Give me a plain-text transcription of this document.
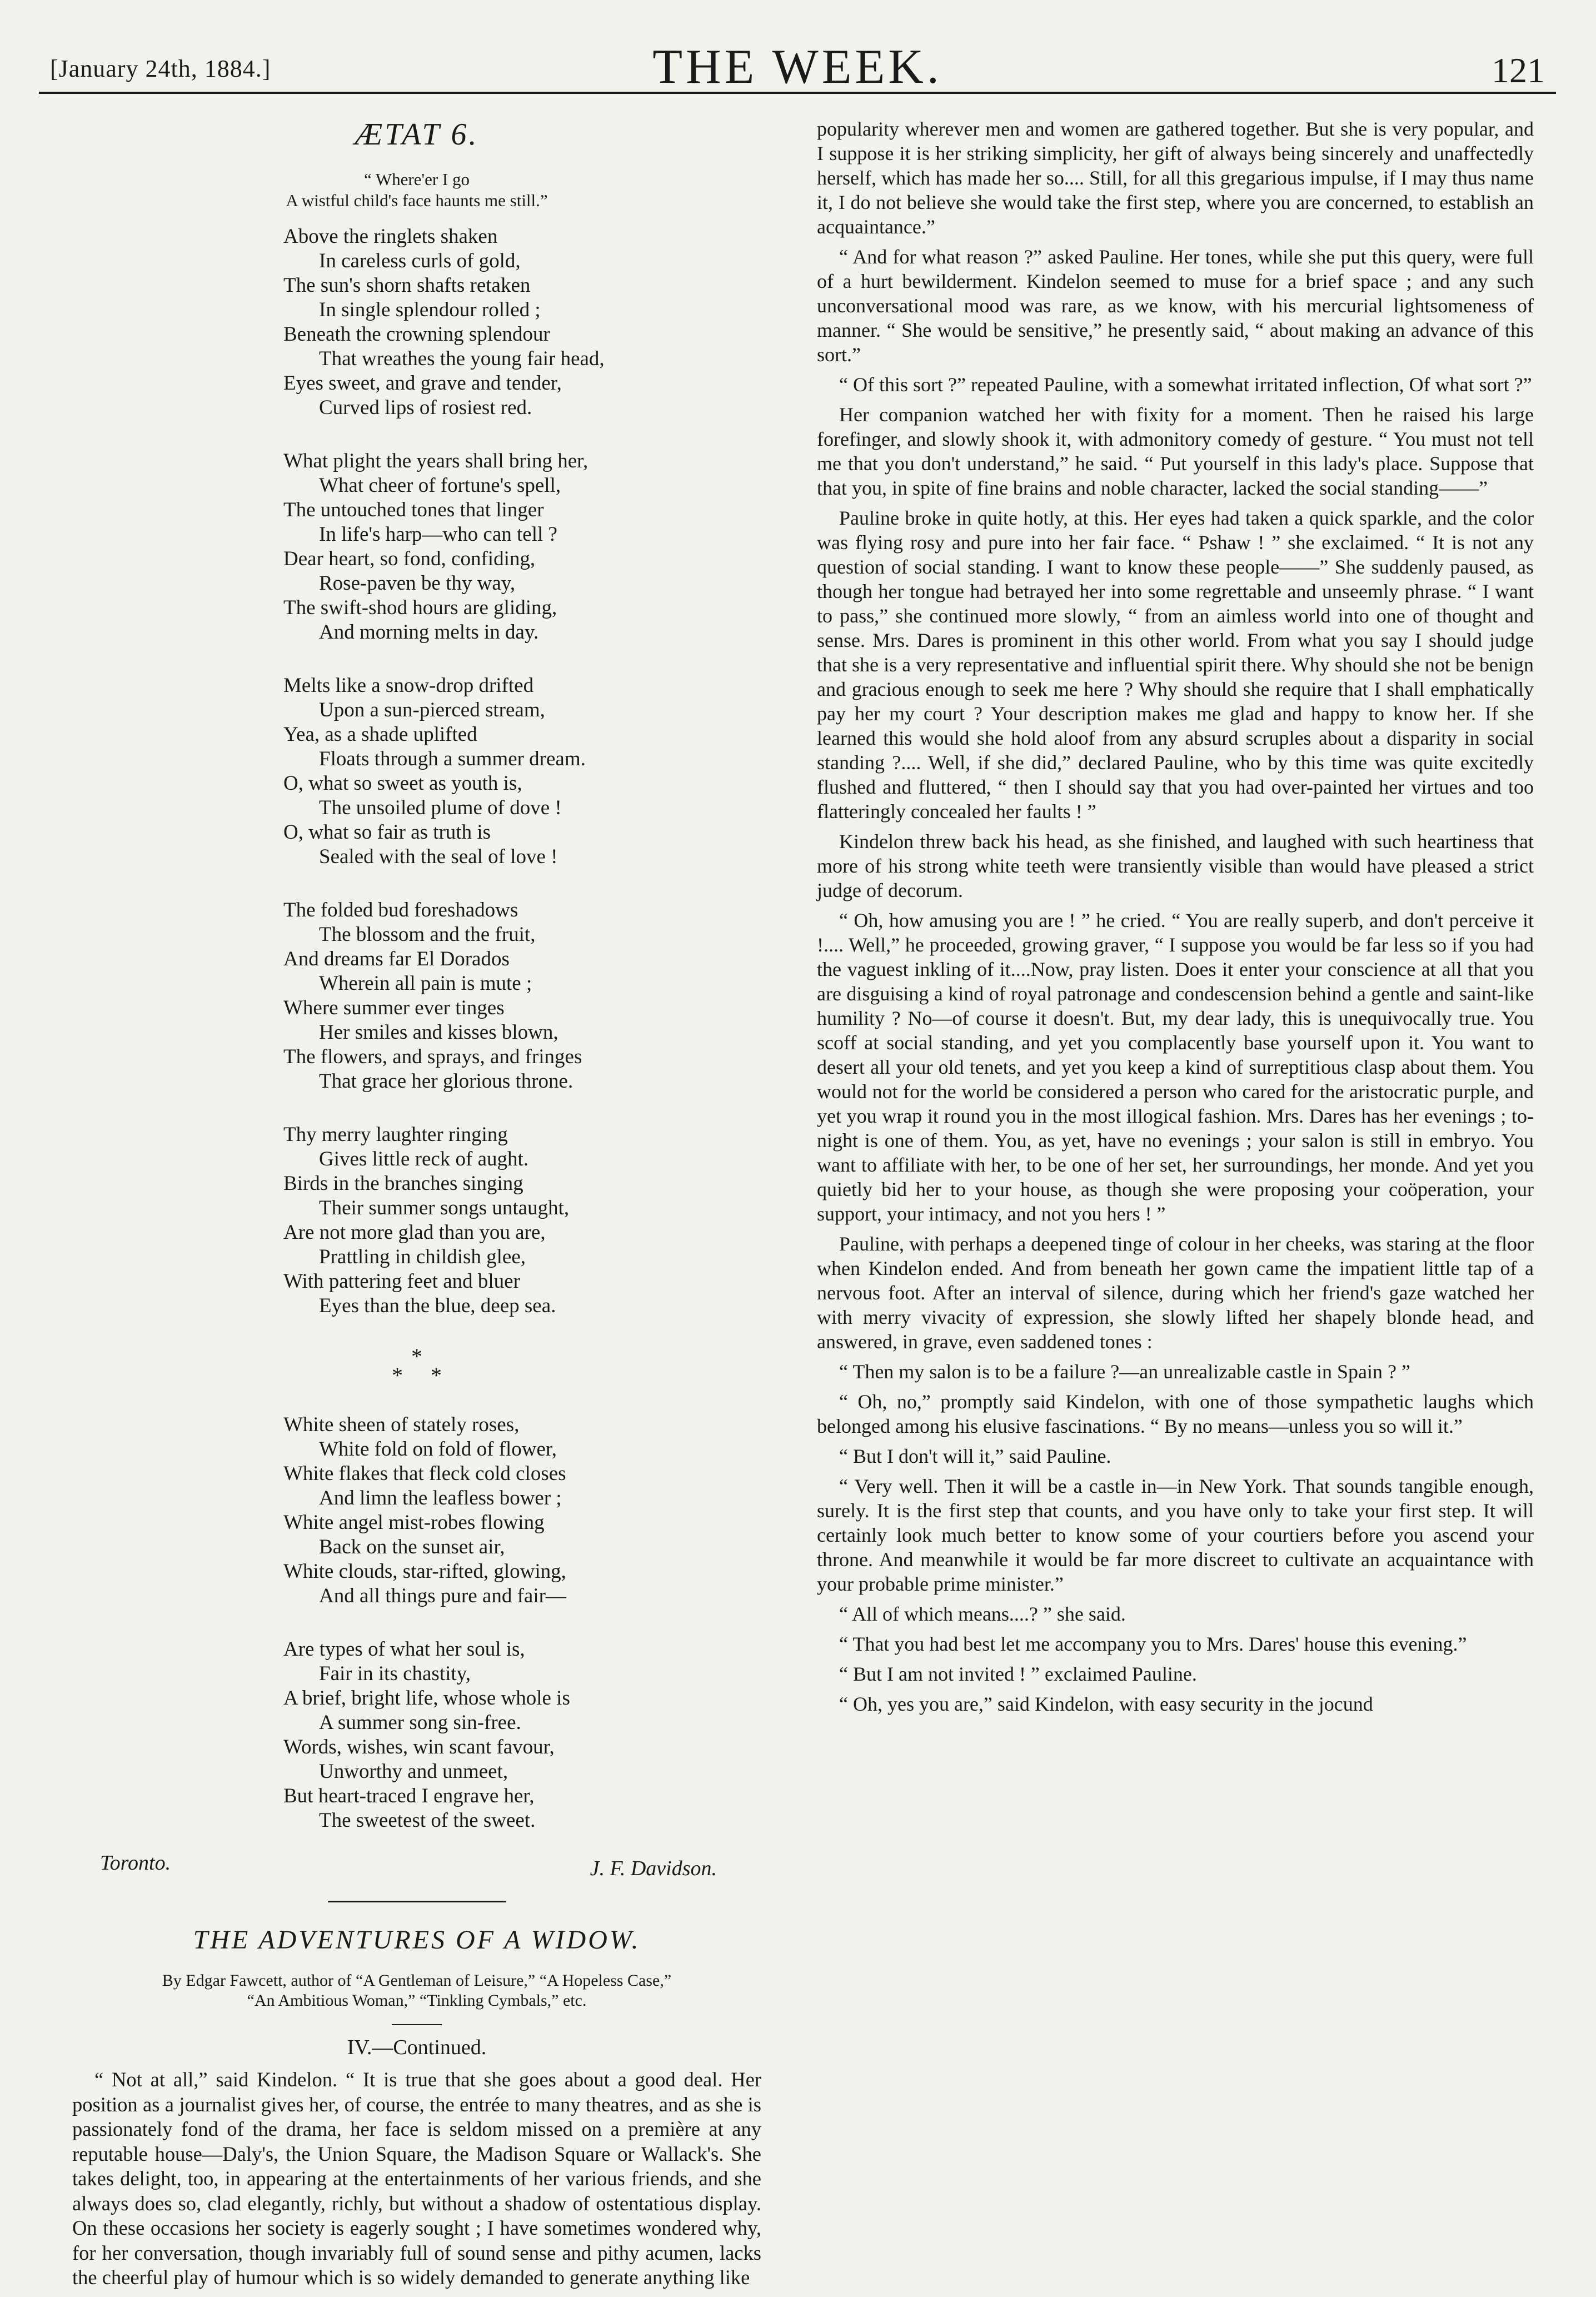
[January 24th, 1884.]	THE WEEK.	121
ÆTAT 6.
“ Where'er I go
A wistful child's face haunts me still.”
Above the ringlets shaken
In careless curls of gold,
The sun's shorn shafts retaken
In single splendour rolled ;
Beneath the crowning splendour
That wreathes the young fair head,
Eyes sweet, and grave and tender,
Curved lips of rosiest red.
What plight the years shall bring her,
What cheer of fortune's spell,
The untouched tones that linger
In life's harp—who can tell ?
Dear heart, so fond, confiding,
Rose-paven be thy way,
The swift-shod hours are gliding,
And morning melts in day.
Melts like a snow-drop drifted
Upon a sun-pierced stream,
Yea, as a shade uplifted
Floats through a summer dream.
O, what so sweet as youth is,
The unsoiled plume of dove !
O, what so fair as truth is
Sealed with the seal of love !
The folded bud foreshadows
The blossom and the fruit,
And dreams far El Dorados
Wherein all pain is mute ;
Where summer ever tinges
Her smiles and kisses blown,
The flowers, and sprays, and fringes
That grace her glorious throne.
Thy merry laughter ringing
Gives little reck of aught.
Birds in the branches singing
Their summer songs untaught,
Are not more glad than you are,
Prattling in childish glee,
With pattering feet and bluer
Eyes than the blue, deep sea.
*
* *
White sheen of stately roses,
White fold on fold of flower,
White flakes that fleck cold closes
And limn the leafless bower ;
White angel mist-robes flowing
Back on the sunset air,
White clouds, star-rifted, glowing,
And all things pure and fair—
Are types of what her soul is,
Fair in its chastity,
A brief, bright life, whose whole is
A summer song sin-free.
Words, wishes, win scant favour,
Unworthy and unmeet,
But heart-traced I engrave her,
The sweetest of the sweet.
Toronto.	J. F. Davidson.
THE ADVENTURES OF A WIDOW.
By Edgar Fawcett, author of “A Gentleman of Leisure,” “A Hopeless Case,”
“An Ambitious Woman,” “Tinkling Cymbals,” etc.
IV.—Continued.

“ Not at all,” said Kindelon. “ It is true that she goes about a good deal. Her position as a journalist gives her, of course, the entrée to many theatres, and as she is passionately fond of the drama, her face is seldom missed on a première at any reputable house—Daly's, the Union Square, the Madison Square or Wallack's. She takes delight, too, in appearing at the entertainments of her various friends, and she always does so, clad elegantly, richly, but without a shadow of ostentatious display. On these occasions her society is eagerly sought ; I have sometimes wondered why, for her conversation, though invariably full of sound sense and pithy acumen, lacks the cheerful play of humour which is so widely demanded to generate anything like

popularity wherever men and women are gathered together. But she is very popular, and I suppose it is her striking simplicity, her gift of always being sincerely and unaffectedly herself, which has made her so.... Still, for all this gregarious impulse, if I may thus name it, I do not believe she would take the first step, where you are concerned, to establish an acquaintance.”

“ And for what reason ?” asked Pauline. Her tones, while she put this query, were full of a hurt bewilderment. Kindelon seemed to muse for a brief space ; and any such unconversational mood was rare, as we know, with his mercurial lightsomeness of manner. “ She would be sensitive,” he presently said, “ about making an advance of this sort.”

“ Of this sort ?” repeated Pauline, with a somewhat irritated inflection, Of what sort ?”

Her companion watched her with fixity for a moment. Then he raised his large forefinger, and slowly shook it, with admonitory comedy of gesture. “ You must not tell me that you don't understand,” he said. “ Put yourself in this lady's place. Suppose that that you, in spite of fine brains and noble character, lacked the social standing——”

Pauline broke in quite hotly, at this. Her eyes had taken a quick sparkle, and the color was flying rosy and pure into her fair face. “ Pshaw ! ” she exclaimed. “ It is not any question of social standing. I want to know these people——” She suddenly paused, as though her tongue had betrayed her into some regrettable and unseemly phrase. “ I want to pass,” she continued more slowly, “ from an aimless world into one of thought and sense. Mrs. Dares is prominent in this other world. From what you say I should judge that she is a very representative and influential spirit there. Why should she not be benign and gracious enough to seek me here ? Why should she require that I shall emphatically pay her my court ? Your description makes me glad and happy to know her. If she learned this would she hold aloof from any absurd scruples about a disparity in social standing ?.... Well, if she did,” declared Pauline, who by this time was quite excitedly flushed and fluttered, “ then I should say that you had over-painted her virtues and too flatteringly concealed her faults ! ”

Kindelon threw back his head, as she finished, and laughed with such heartiness that more of his strong white teeth were transiently visible than would have pleased a strict judge of decorum.

“ Oh, how amusing you are ! ” he cried. “ You are really superb, and don't perceive it !.... Well,” he proceeded, growing graver, “ I suppose you would be far less so if you had the vaguest inkling of it....Now, pray listen. Does it enter your conscience at all that you are disguising a kind of royal patronage and condescension behind a gentle and saint-like humility ? No—of course it doesn't. But, my dear lady, this is unequivocally true. You scoff at social standing, and yet you complacently base yourself upon it. You want to desert all your old tenets, and yet you keep a kind of surreptitious clasp about them. You would not for the world be considered a person who cared for the aristocratic purple, and yet you wrap it round you in the most illogical fashion. Mrs. Dares has her evenings ; to-night is one of them. You, as yet, have no evenings ; your salon is still in embryo. You want to affiliate with her, to be one of her set, her surroundings, her monde. And yet you quietly bid her to your house, as though she were proposing your coöperation, your support, your intimacy, and not you hers ! ”

Pauline, with perhaps a deepened tinge of colour in her cheeks, was staring at the floor when Kindelon ended. And from beneath her gown came the impatient little tap of a nervous foot. After an interval of silence, during which her friend's gaze watched her with merry vivacity of expression, she slowly lifted her shapely blonde head, and answered, in grave, even saddened tones :

“ Then my salon is to be a failure ?—an unrealizable castle in Spain ? ”

“ Oh, no,” promptly said Kindelon, with one of those sympathetic laughs which belonged among his elusive fascinations. “ By no means—unless you so will it.”

“ But I don't will it,” said Pauline.

“ Very well. Then it will be a castle in—in New York. That sounds tangible enough, surely. It is the first step that counts, and you have only to take your first step. It will certainly look much better to know some of your courtiers before you ascend your throne. And meanwhile it would be far more discreet to cultivate an acquaintance with your probable prime minister.”

“ All of which means....? ” she said.

“ That you had best let me accompany you to Mrs. Dares' house this evening.”

“ But I am not invited ! ” exclaimed Pauline.

“ Oh, yes you are,” said Kindelon, with easy security in the jocund
